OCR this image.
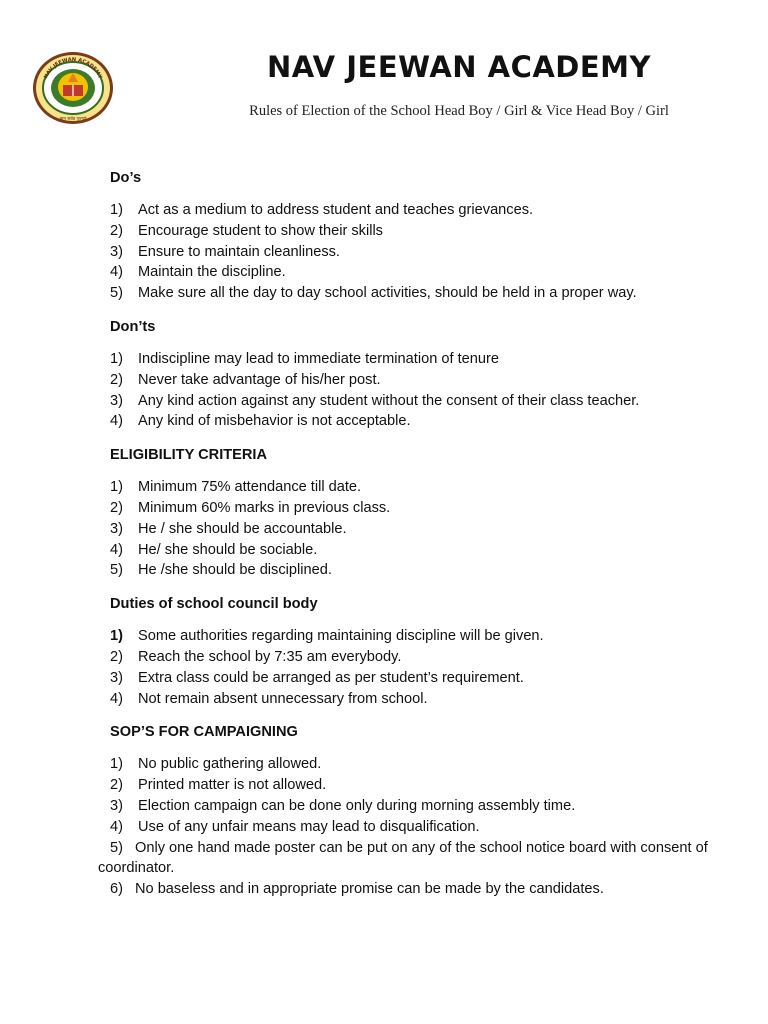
NAV JEEWAN ACADEMY
ज्ञान सर्वत्र पूज्यते
NAV JEEWAN ACADEMY
Rules of Election of the School Head Boy / Girl & Vice Head Boy / Girl
Do’s
1)	Act as a medium to address student and teaches grievances.
2)	Encourage student to show their skills
3)	Ensure to maintain cleanliness.
4)	Maintain the discipline.
5)	Make sure all the day to day school activities, should be held in a proper way.
Don’ts
1)	Indiscipline may lead to immediate termination of tenure
2)	Never take advantage of his/her post.
3)	Any kind action against any student without the consent of their class teacher.
4)	Any kind of misbehavior is not acceptable.
ELIGIBILITY CRITERIA
1)	Minimum 75% attendance till date.
2)	Minimum 60% marks in previous class.
3)	He / she should be accountable.
4)	He/ she should be sociable.
5)	He /she should be disciplined.
Duties of school council body
1)	Some authorities regarding maintaining discipline will be given.
2)	Reach the school by 7:35 am everybody.
3)	Extra class could be arranged as per student’s requirement.
4)	Not remain absent unnecessary from school.
SOP’S FOR CAMPAIGNING
1)	No public gathering allowed.
2)	Printed matter is not allowed.
3)	Election campaign can be done only during morning assembly time.
4)	Use of any unfair means may lead to disqualification.
5) Only one hand made poster can be put on any of the school notice board with consent of coordinator.
6) No baseless and in appropriate promise can be made by the candidates.
